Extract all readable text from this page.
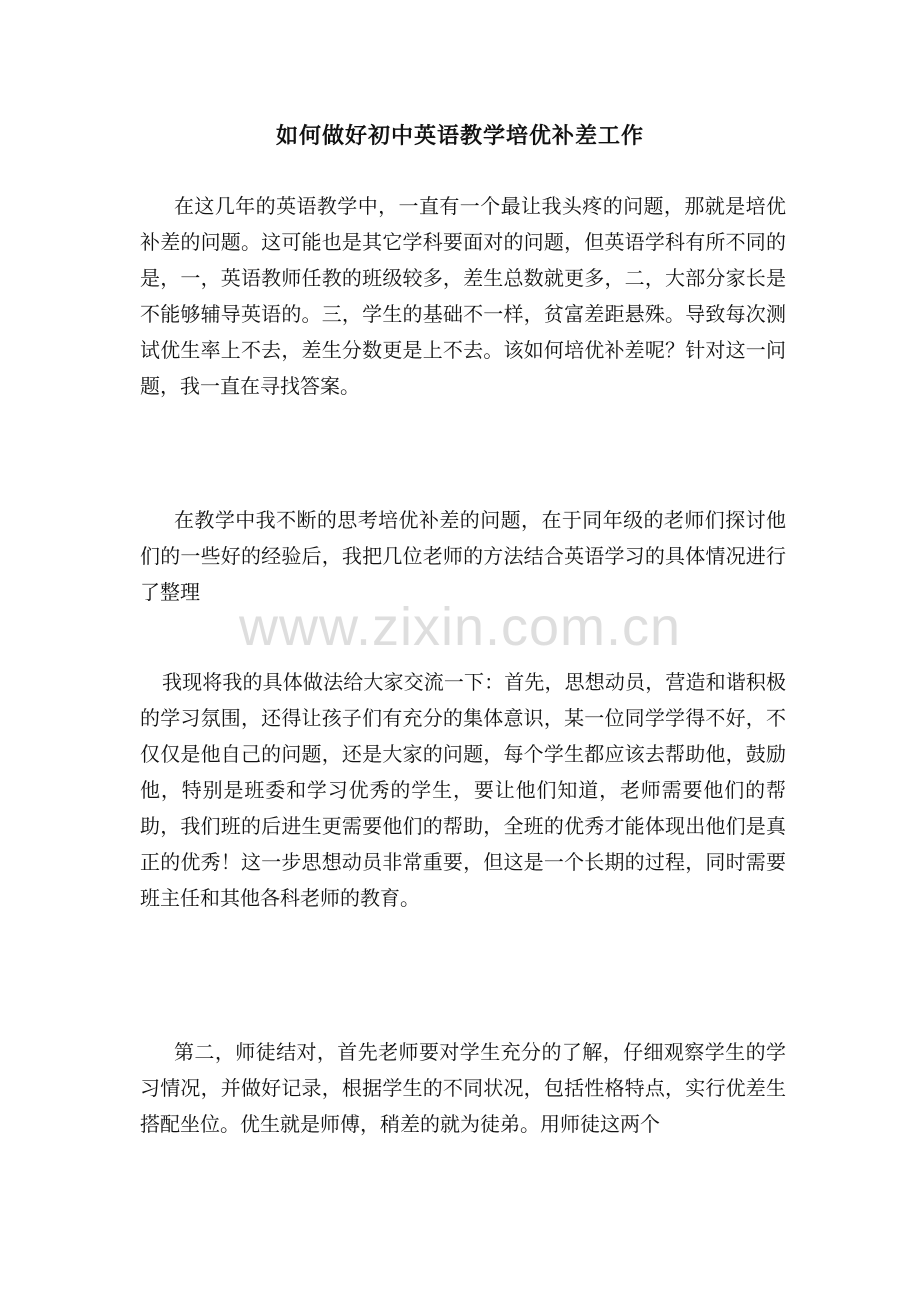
如何做好初中英语教学培优补差工作

在这几年的英语教学中，一直有一个最让我头疼的问题，那就是培优补差的问题。这可能也是其它学科要面对的问题，但英语学科有所不同的是，一，英语教师任教的班级较多，差生总数就更多，二，大部分家长是不能够辅导英语的。三，学生的基础不一样，贫富差距悬殊。导致每次测试优生率上不去，差生分数更是上不去。该如何培优补差呢？针对这一问题，我一直在寻找答案。

在教学中我不断的思考培优补差的问题，在于同年级的老师们探讨他们的一些好的经验后，我把几位老师的方法结合英语学习的具体情况进行了整理

我现将我的具体做法给大家交流一下：首先，思想动员，营造和谐积极的学习氛围，还得让孩子们有充分的集体意识，某一位同学学得不好，不仅仅是他自己的问题，还是大家的问题，每个学生都应该去帮助他，鼓励他，特别是班委和学习优秀的学生，要让他们知道，老师需要他们的帮助，我们班的后进生更需要他们的帮助，全班的优秀才能体现出他们是真正的优秀！这一步思想动员非常重要，但这是一个长期的过程，同时需要班主任和其他各科老师的教育。

第二，师徒结对，首先老师要对学生充分的了解，仔细观察学生的学习情况，并做好记录，根据学生的不同状况，包括性格特点，实行优差生搭配坐位。优生就是师傅，稍差的就为徒弟。用师徒这两个

www.zixin.com.cn
